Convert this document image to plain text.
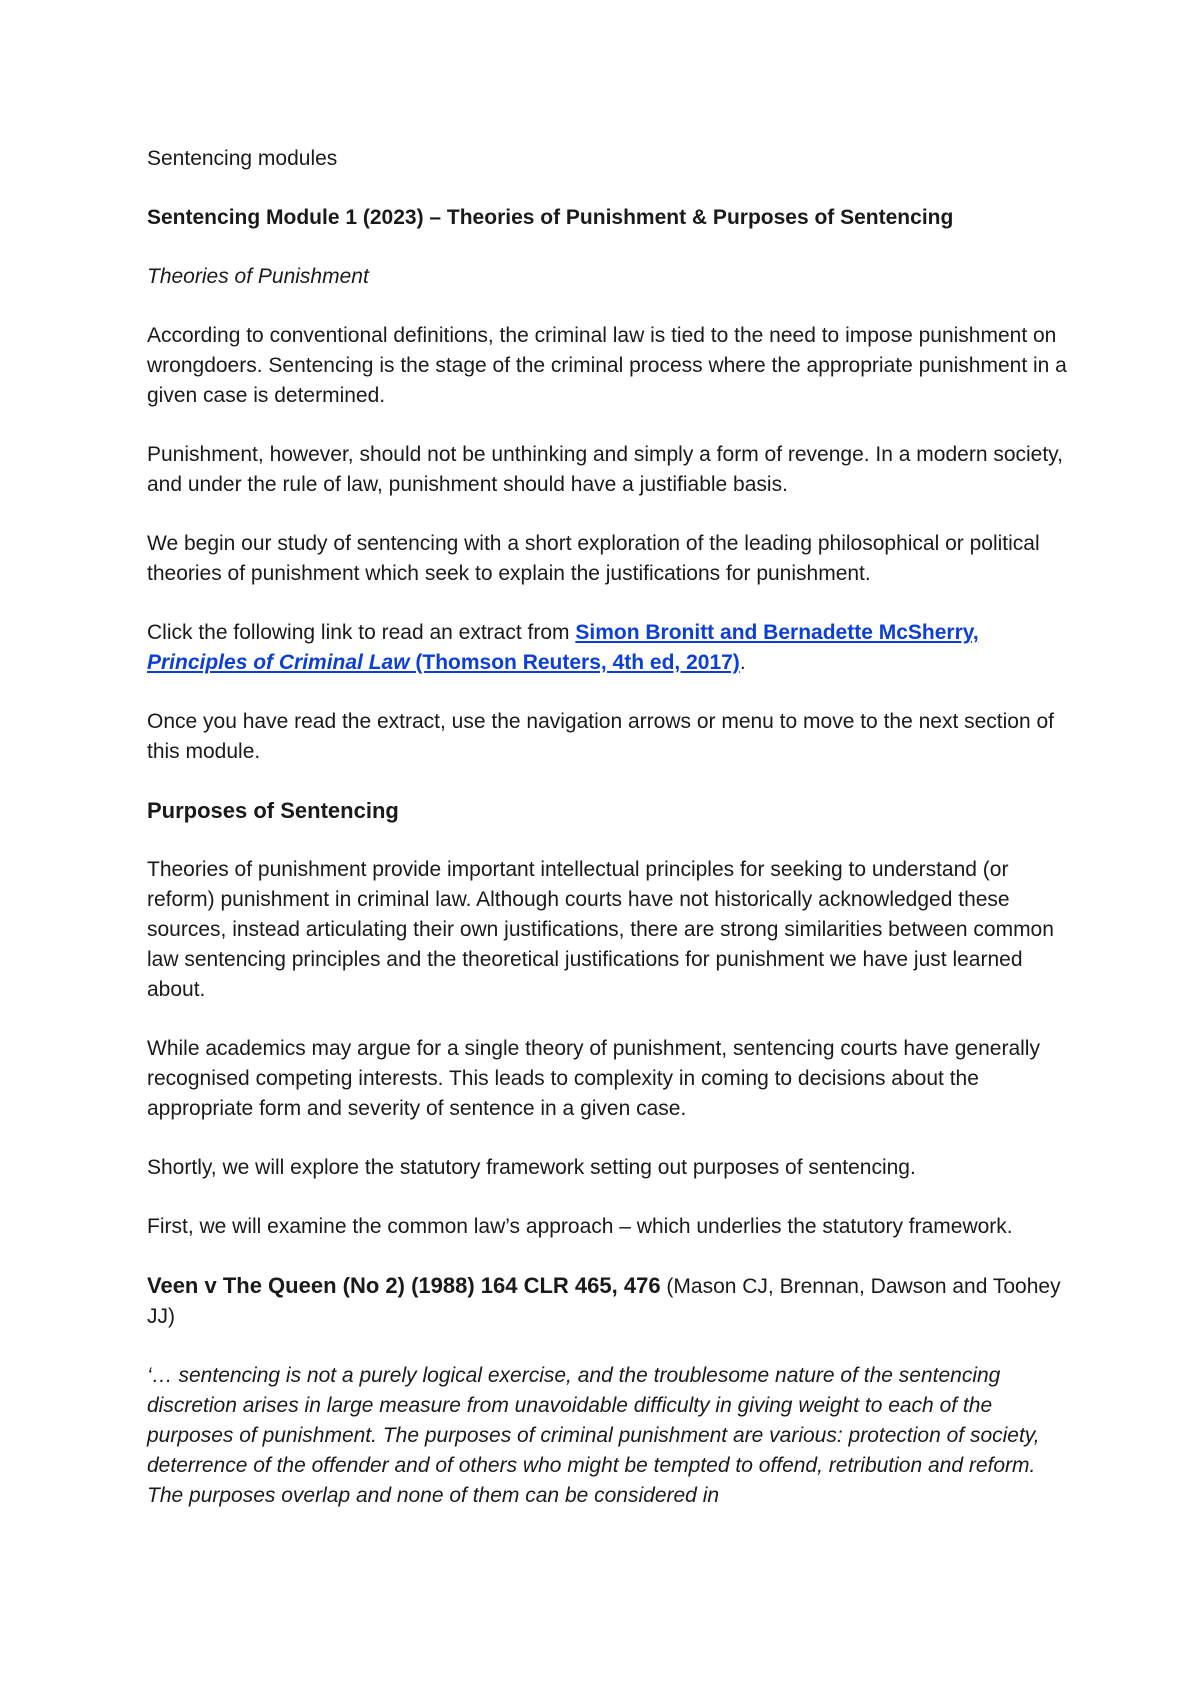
Sentencing modules

Sentencing Module 1 (2023) – Theories of Punishment & Purposes of Sentencing

Theories of Punishment

According to conventional definitions, the criminal law is tied to the need to impose punishment on wrongdoers. Sentencing is the stage of the criminal process where the appropriate punishment in a given case is determined.

Punishment, however, should not be unthinking and simply a form of revenge. In a modern society, and under the rule of law, punishment should have a justifiable basis.

We begin our study of sentencing with a short exploration of the leading philosophical or political theories of punishment which seek to explain the justifications for punishment.

Click the following link to read an extract from Simon Bronitt and Bernadette McSherry, Principles of Criminal Law (Thomson Reuters, 4th ed, 2017).

Once you have read the extract, use the navigation arrows or menu to move to the next section of this module.

Purposes of Sentencing

Theories of punishment provide important intellectual principles for seeking to understand (or reform) punishment in criminal law. Although courts have not historically acknowledged these sources, instead articulating their own justifications, there are strong similarities between common law sentencing principles and the theoretical justifications for punishment we have just learned about.

While academics may argue for a single theory of punishment, sentencing courts have generally recognised competing interests. This leads to complexity in coming to decisions about the appropriate form and severity of sentence in a given case.

Shortly, we will explore the statutory framework setting out purposes of sentencing.

First, we will examine the common law’s approach – which underlies the statutory framework.

Veen v The Queen (No 2) (1988) 164 CLR 465, 476 (Mason CJ, Brennan, Dawson and Toohey JJ)

‘… sentencing is not a purely logical exercise, and the troublesome nature of the sentencing discretion arises in large measure from unavoidable difficulty in giving weight to each of the purposes of punishment. The purposes of criminal punishment are various: protection of society, deterrence of the offender and of others who might be tempted to offend, retribution and reform. The purposes overlap and none of them can be considered in
